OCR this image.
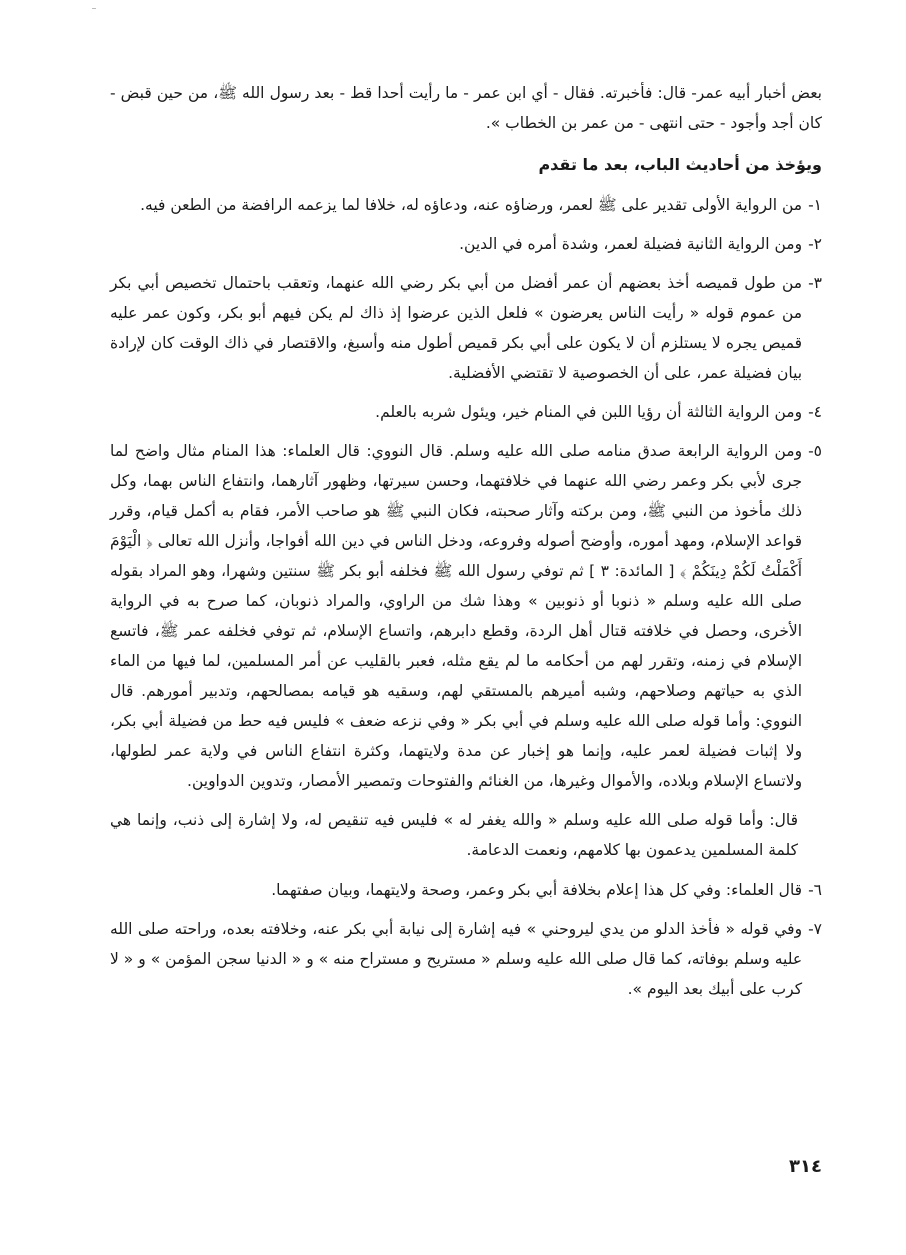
بعض أخبار أبيه عمر- قال: فأخبرته. فقال - أي ابن عمر - ما رأيت أحدا قط - بعد رسول الله ﷺ، من حين قبض - كان أجد وأجود - حتى انتهى - من عمر بن الخطاب ».

ويؤخذ من أحاديث الباب، بعد ما تقدم

١-
من الرواية الأولى تقدير على ﷺ لعمر، ورضاؤه عنه، ودعاؤه له، خلافا لما يزعمه الرافضة من الطعن فيه.
٢-
ومن الرواية الثانية فضيلة لعمر، وشدة أمره في الدين.
٣-
من طول قميصه أخذ بعضهم أن عمر أفضل من أبي بكر رضي الله عنهما، وتعقب باحتمال تخصيص أبي بكر من عموم قوله « رأيت الناس يعرضون » فلعل الذين عرضوا إذ ذاك لم يكن فيهم أبو بكر، وكون عمر عليه قميص يجره لا يستلزم أن لا يكون على أبي بكر قميص أطول منه وأسبغ، والاقتصار في ذاك الوقت كان لإرادة بيان فضيلة عمر، على أن الخصوصية لا تقتضي الأفضلية.
٤-
ومن الرواية الثالثة أن رؤيا اللبن في المنام خير، ويئول شربه بالعلم.
٥-
ومن الرواية الرابعة صدق منامه صلى الله عليه وسلم. قال النووي: قال العلماء: هذا المنام مثال واضح لما جرى لأبي بكر وعمر رضي الله عنهما في خلافتهما، وحسن سيرتها، وظهور آثارهما، وانتفاع الناس بهما، وكل ذلك مأخوذ من النبي ﷺ، ومن بركته وآثار صحبته، فكان النبي ﷺ هو صاحب الأمر، فقام به أكمل قيام، وقرر قواعد الإسلام، ومهد أموره، وأوضح أصوله وفروعه، ودخل الناس في دين الله أفواجا، وأنزل الله تعالى ﴿ الْيَوْمَ أَكْمَلْتُ لَكُمْ دِينَكُمْ ﴾ [ المائدة: ٣ ] ثم توفي رسول الله ﷺ فخلفه أبو بكر ﷺ سنتين وشهرا، وهو المراد بقوله صلى الله عليه وسلم « ذنوبا أو ذنوبين » وهذا شك من الراوي، والمراد ذنوبان، كما صرح به في الرواية الأخرى، وحصل في خلافته قتال أهل الردة، وقطع دابرهم، واتساع الإسلام، ثم توفي فخلفه عمر ﷺ، فاتسع الإسلام في زمنه، وتقرر لهم من أحكامه ما لم يقع مثله، فعبر بالقليب عن أمر المسلمين، لما فيها من الماء الذي به حياتهم وصلاحهم، وشبه أميرهم بالمستقي لهم، وسقيه هو قيامه بمصالحهم، وتدبير أمورهم. قال النووي: وأما قوله صلى الله عليه وسلم في أبي بكر « وفي نزعه ضعف » فليس فيه حط من فضيلة أبي بكر، ولا إثبات فضيلة لعمر عليه، وإنما هو إخبار عن مدة ولايتهما، وكثرة انتفاع الناس في ولاية عمر لطولها، ولاتساع الإسلام وبلاده، والأموال وغيرها، من الغنائم والفتوحات وتمصير الأمصار، وتدوين الدواوين.

قال: وأما قوله صلى الله عليه وسلم « والله يغفر له » فليس فيه تنقيص له، ولا إشارة إلى ذنب، وإنما هي كلمة المسلمين يدعمون بها كلامهم، ونعمت الدعامة.

٦-
قال العلماء: وفي كل هذا إعلام بخلافة أبي بكر وعمر، وصحة ولايتهما، وبيان صفتهما.
٧-
وفي قوله « فأخذ الدلو من يدي ليروحني » فيه إشارة إلى نيابة أبي بكر عنه، وخلافته بعده، وراحته صلى الله عليه وسلم بوفاته، كما قال صلى الله عليه وسلم « مستريح و مستراح منه » و « الدنيا سجن المؤمن » و « لا كرب على أبيك بعد اليوم ».
٣١٤
